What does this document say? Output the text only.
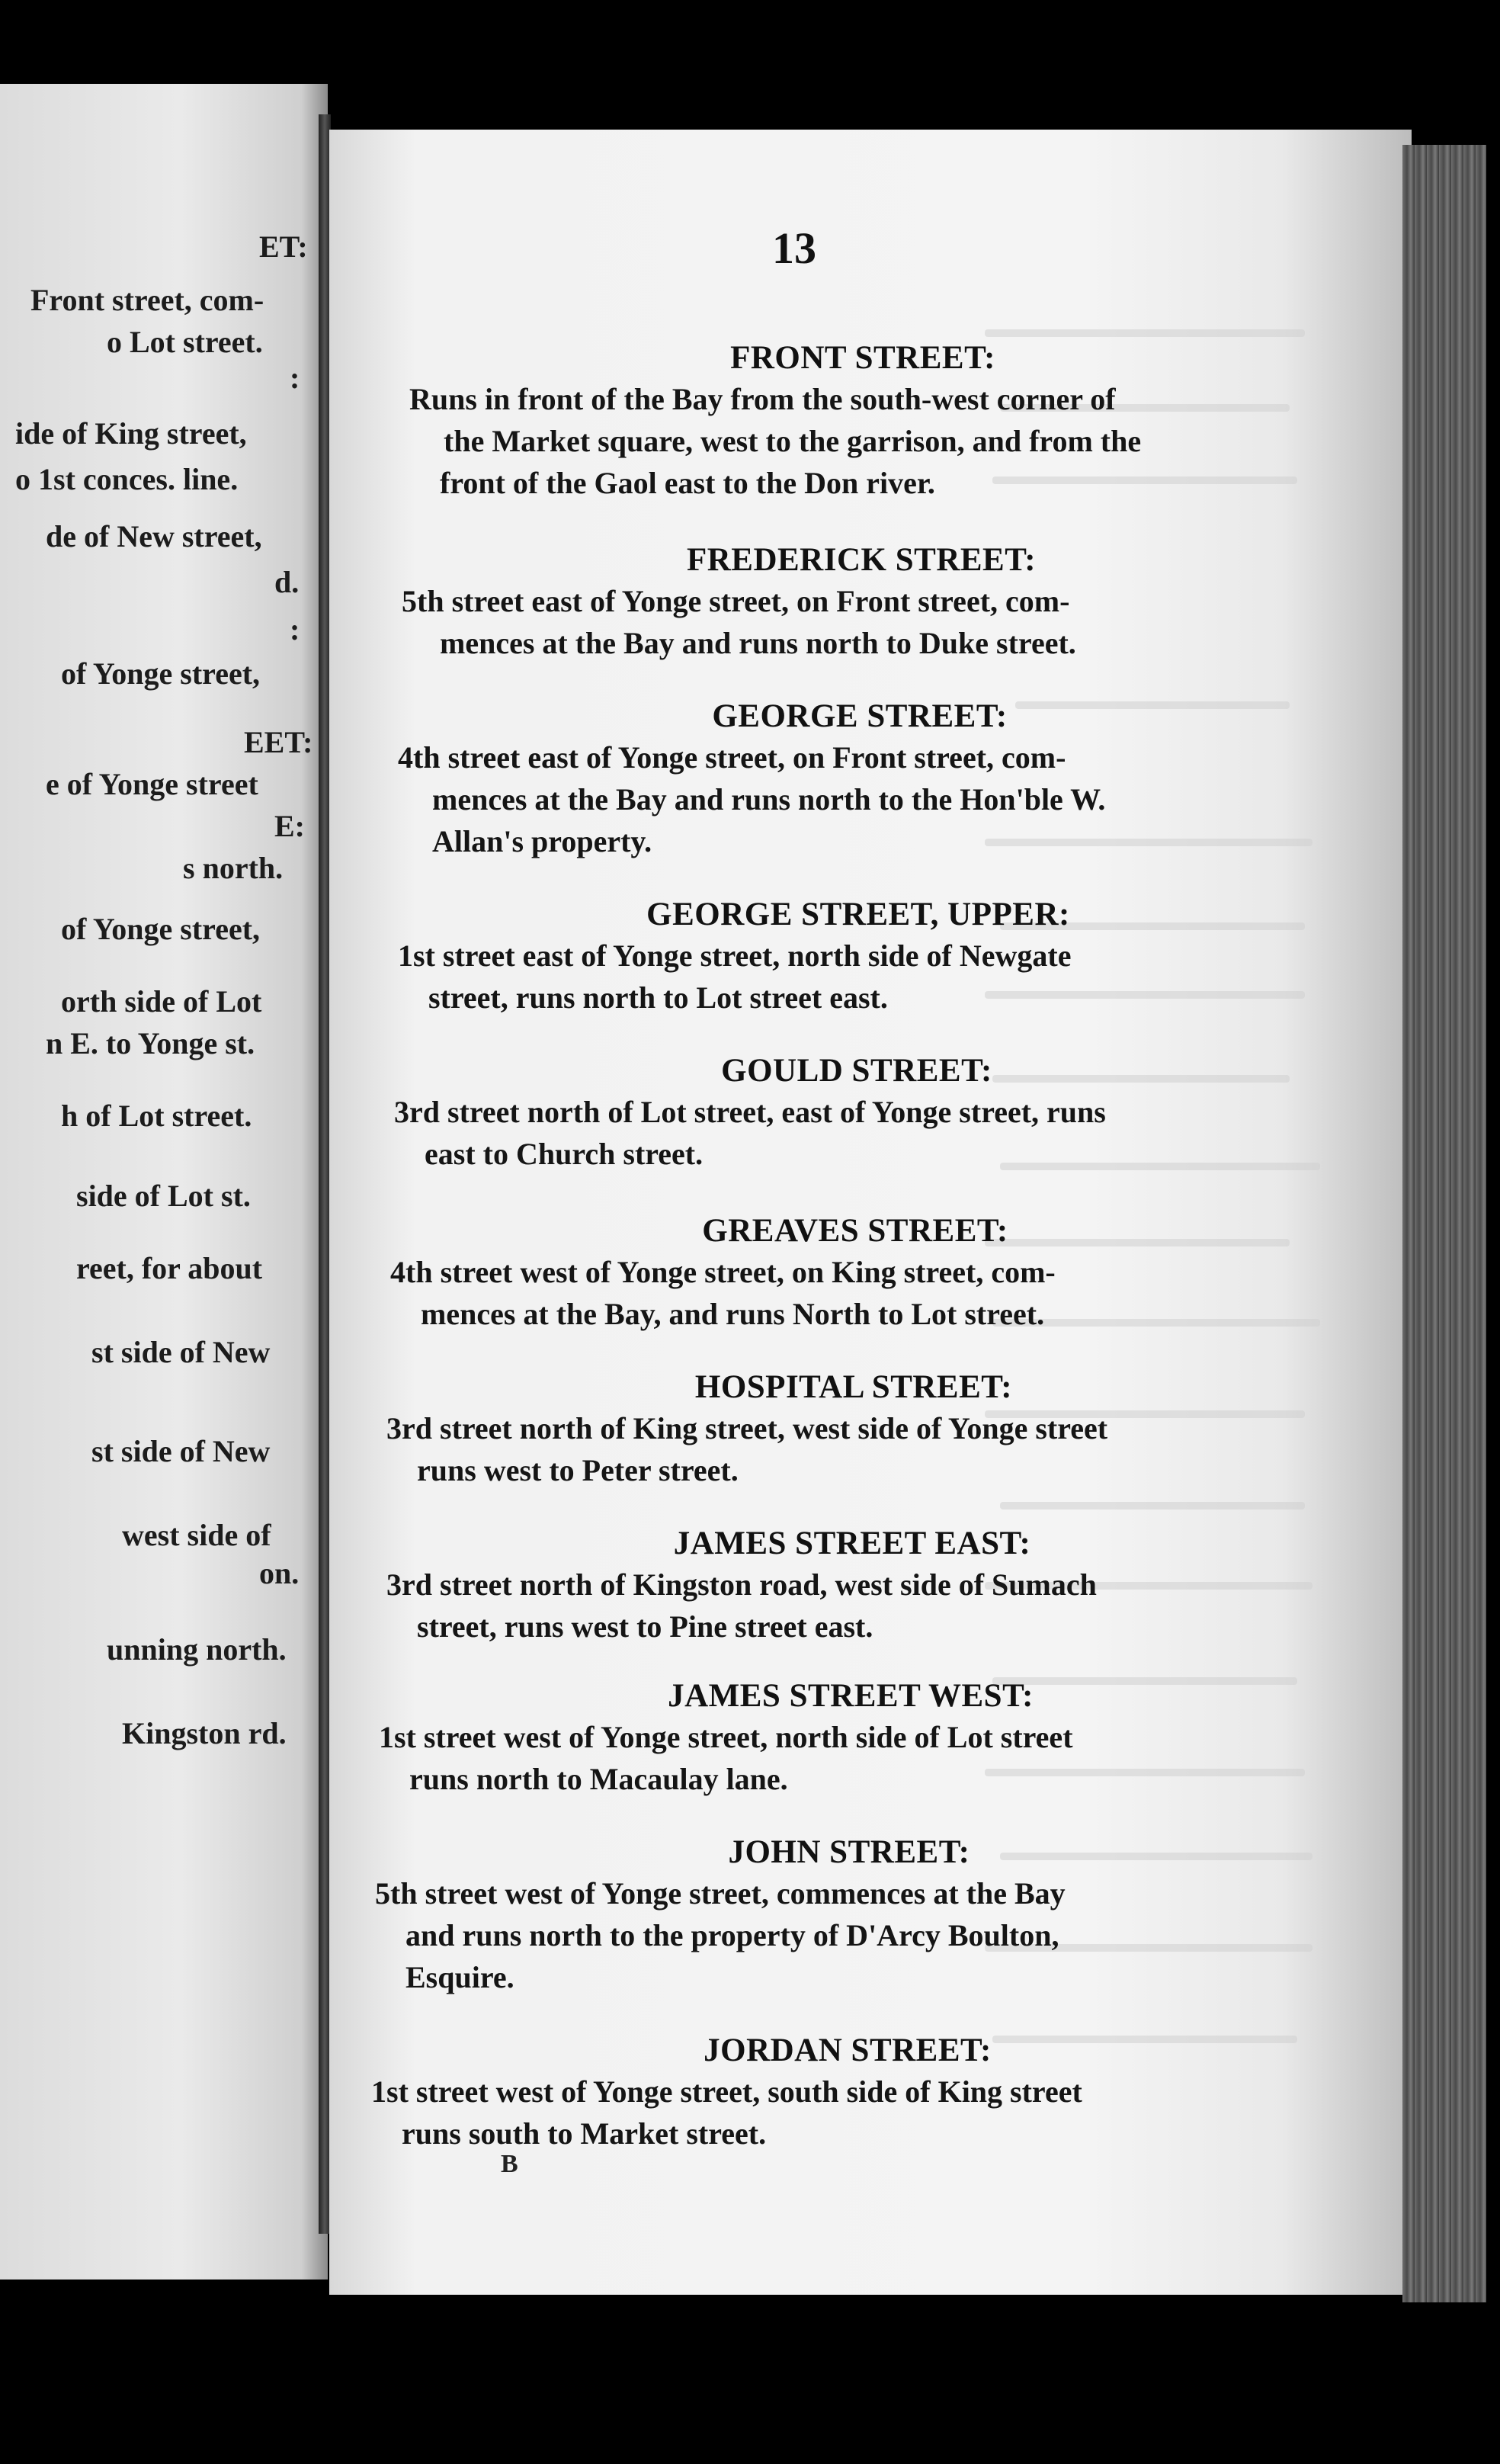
ET:
Front street, com-
o Lot street.
:
ide of King street,
o 1st conces. line.
de of New street,
d.
:
of Yonge street,
EET:
e of Yonge street
E:
s north.
of Yonge street,
orth side of Lot
n E. to Yonge st.
h of Lot street.
side of Lot st.
reet, for about
st side of New
st side of New
west side of
on.
unning north.
Kingston rd.
13
FRONT STREET:
Runs in front of the Bay from the south-west corner of
the Market square, west to the garrison, and from the
front of the Gaol east to the Don river.
FREDERICK STREET:
5th street east of Yonge street, on Front street, com-
mences at the Bay and runs north to Duke street.
GEORGE STREET:
4th street east of Yonge street, on Front street, com-
mences at the Bay and runs north to the Hon'ble W.
Allan's property.
GEORGE STREET, UPPER:
1st street east of Yonge street, north side of Newgate
street, runs north to Lot street east.
GOULD STREET:
3rd street north of Lot street, east of Yonge street, runs
east to Church street.
GREAVES STREET:
4th street west of Yonge street, on King street, com-
mences at the Bay, and runs North to Lot street.
HOSPITAL STREET:
3rd street north of King street, west side of Yonge street
runs west to Peter street.
JAMES STREET EAST:
3rd street north of Kingston road, west side of Sumach
street, runs west to Pine street east.
JAMES STREET WEST:
1st street west of Yonge street, north side of Lot street
runs north to Macaulay lane.
JOHN STREET:
5th street west of Yonge street, commences at the Bay
and runs north to the property of D'Arcy Boulton,
Esquire.
JORDAN STREET:
1st street west of Yonge street, south side of King street
runs south to Market street.
B
